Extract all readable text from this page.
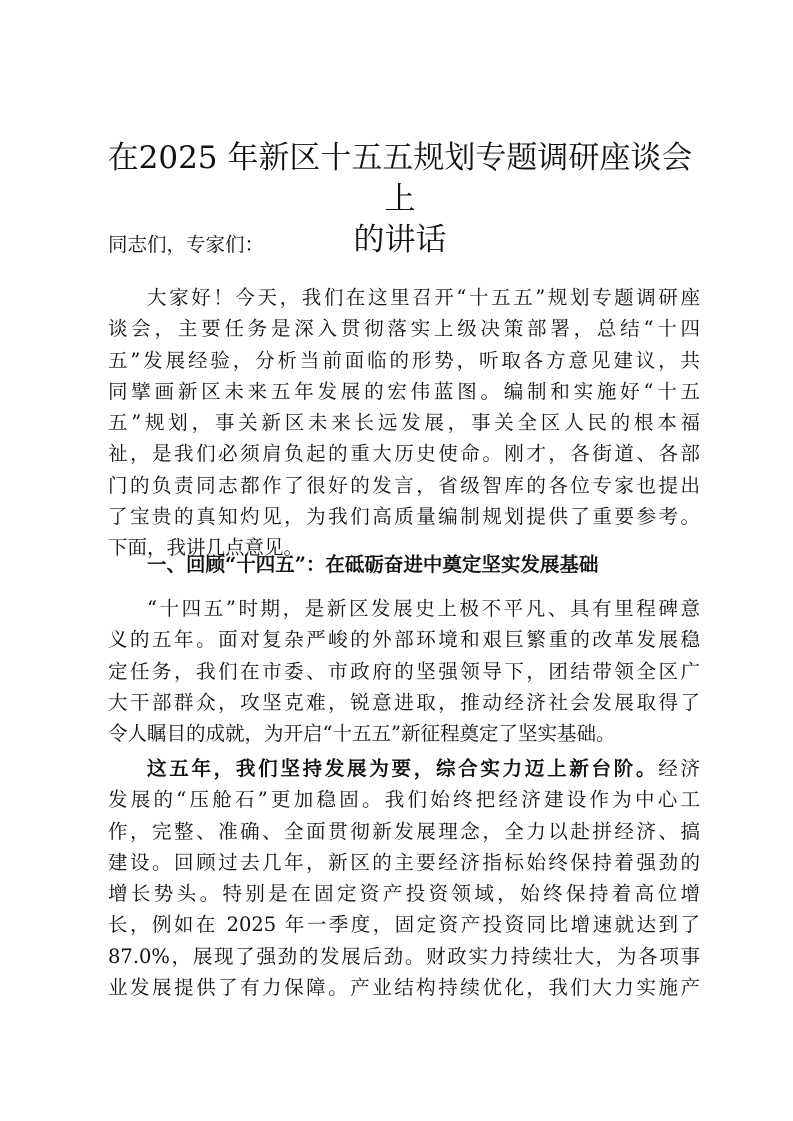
在2025 年新区十五五规划专题调研座谈会上
的讲话
同志们，专家们：
大家好！今天，我们在这里召开“十五五”规划专题调研座
谈会，主要任务是深入贯彻落实上级决策部署，总结“十四
五”发展经验，分析当前面临的形势，听取各方意见建议，共
同擘画新区未来五年发展的宏伟蓝图。编制和实施好“十五
五”规划，事关新区未来长远发展，事关全区人民的根本福
祉，是我们必须肩负起的重大历史使命。刚才，各街道、各部
门的负责同志都作了很好的发言，省级智库的各位专家也提出
了宝贵的真知灼见，为我们高质量编制规划提供了重要参考。
下面，我讲几点意见。
一、回顾“十四五”：在砥砺奋进中奠定坚实发展基础
“十四五”时期，是新区发展史上极不平凡、具有里程碑意
义的五年。面对复杂严峻的外部环境和艰巨繁重的改革发展稳
定任务，我们在市委、市政府的坚强领导下，团结带领全区广
大干部群众，攻坚克难，锐意进取，推动经济社会发展取得了
令人瞩目的成就，为开启“十五五”新征程奠定了坚实基础。
这五年，我们坚持发展为要，综合实力迈上新台阶。经济
发展的“压舱石”更加稳固。我们始终把经济建设作为中心工
作，完整、准确、全面贯彻新发展理念，全力以赴拼经济、搞
建设。回顾过去几年，新区的主要经济指标始终保持着强劲的
增长势头。特别是在固定资产投资领域，始终保持着高位增
长，例如在 2025 年一季度，固定资产投资同比增速就达到了
87.0%，展现了强劲的发展后劲。财政实力持续壮大，为各项事
业发展提供了有力保障。产业结构持续优化，我们大力实施产
